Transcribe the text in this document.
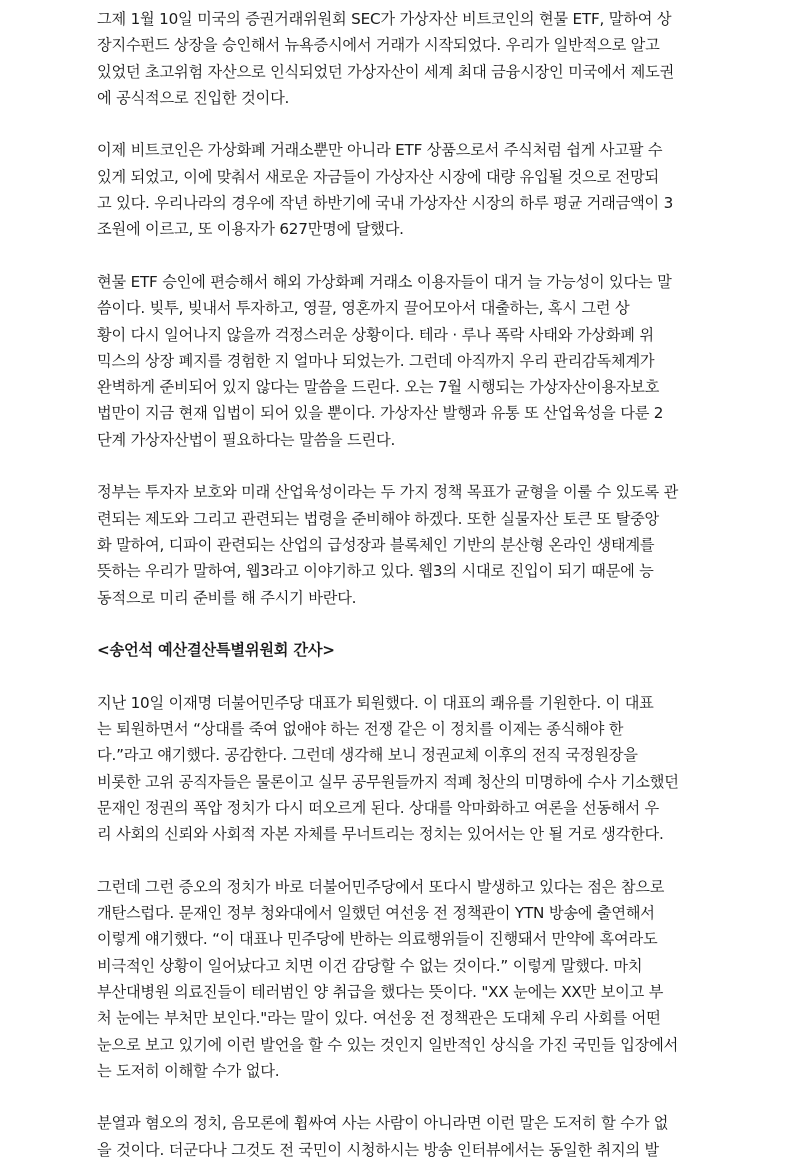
그제 1월 10일 미국의 증권거래위원회 SEC가 가상자산 비트코인의 현물 ETF, 말하여 상
장지수펀드 상장을 승인해서 뉴욕증시에서 거래가 시작되었다. 우리가 일반적으로 알고
있었던 초고위험 자산으로 인식되었던 가상자산이 세계 최대 금융시장인 미국에서 제도권
에 공식적으로 진입한 것이다.
이제 비트코인은 가상화폐 거래소뿐만 아니라 ETF 상품으로서 주식처럼 쉽게 사고팔 수
있게 되었고, 이에 맞춰서 새로운 자금들이 가상자산 시장에 대량 유입될 것으로 전망되
고 있다. 우리나라의 경우에 작년 하반기에 국내 가상자산 시장의 하루 평균 거래금액이 3
조원에 이르고, 또 이용자가 627만명에 달했다.
현물 ETF 승인에 편승해서 해외 가상화폐 거래소 이용자들이 대거 늘 가능성이 있다는 말
씀이다. 빚투, 빚내서 투자하고, 영끌, 영혼까지 끌어모아서 대출하는, 혹시 그런 상
황이 다시 일어나지 않을까 걱정스러운 상황이다. 테라 · 루나 폭락 사태와 가상화폐 위
믹스의 상장 폐지를 경험한 지 얼마나 되었는가. 그런데 아직까지 우리 관리감독체계가
완벽하게 준비되어 있지 않다는 말씀을 드린다. 오는 7월 시행되는 가상자산이용자보호
법만이 지금 현재 입법이 되어 있을 뿐이다. 가상자산 발행과 유통 또 산업육성을 다룬 2
단계 가상자산법이 필요하다는 말씀을 드린다.
정부는 투자자 보호와 미래 산업육성이라는 두 가지 정책 목표가 균형을 이룰 수 있도록 관
련되는 제도와 그리고 관련되는 법령을 준비해야 하겠다. 또한 실물자산 토큰 또 탈중앙
화 말하여, 디파이 관련되는 산업의 급성장과 블록체인 기반의 분산형 온라인 생태계를
뜻하는 우리가 말하여, 웹3라고 이야기하고 있다. 웹3의 시대로 진입이 되기 때문에 능
동적으로 미리 준비를 해 주시기 바란다.
<송언석 예산결산특별위원회 간사>
지난 10일 이재명 더불어민주당 대표가 퇴원했다. 이 대표의 쾌유를 기원한다. 이 대표
는 퇴원하면서 “상대를 죽여 없애야 하는 전쟁 같은 이 정치를 이제는 종식해야 한
다.”라고 얘기했다. 공감한다. 그런데 생각해 보니 정권교체 이후의 전직 국정원장을
비롯한 고위 공직자들은 물론이고 실무 공무원들까지 적폐 청산의 미명하에 수사 기소했던
문재인 정권의 폭압 정치가 다시 떠오르게 된다. 상대를 악마화하고 여론을 선동해서 우
리 사회의 신뢰와 사회적 자본 자체를 무너트리는 정치는 있어서는 안 될 거로 생각한다.
그런데 그런 증오의 정치가 바로 더불어민주당에서 또다시 발생하고 있다는 점은 참으로
개탄스럽다. 문재인 정부 청와대에서 일했던 여선웅 전 정책관이 YTN 방송에 출연해서
이렇게 얘기했다. “이 대표나 민주당에 반하는 의료행위들이 진행돼서 만약에 혹여라도
비극적인 상황이 일어났다고 치면 이건 감당할 수 없는 것이다.” 이렇게 말했다. 마치
부산대병원 의료진들이 테러범인 양 취급을 했다는 뜻이다. "XX 눈에는 XX만 보이고 부
처 눈에는 부처만 보인다."라는 말이 있다. 여선웅 전 정책관은 도대체 우리 사회를 어떤
눈으로 보고 있기에 이런 발언을 할 수 있는 것인지 일반적인 상식을 가진 국민들 입장에서
는 도저히 이해할 수가 없다.
분열과 혐오의 정치, 음모론에 휩싸여 사는 사람이 아니라면 이런 말은 도저히 할 수가 없
을 것이다. 더군다나 그것도 전 국민이 시청하시는 방송 인터뷰에서는 동일한 취지의 발
